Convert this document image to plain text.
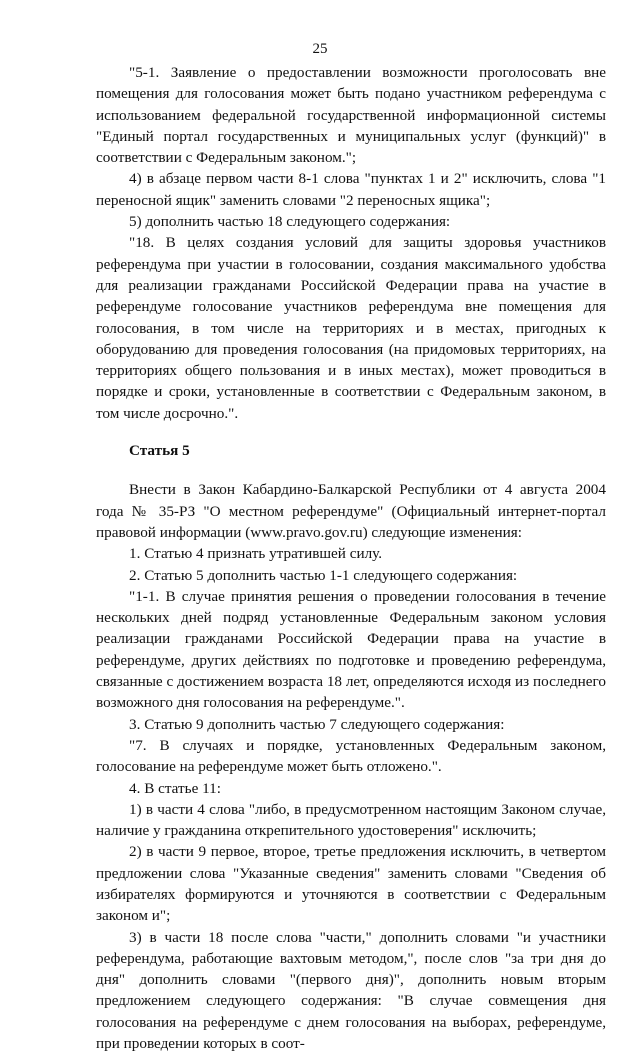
25

"5-1. Заявление о предоставлении возможности проголосовать вне помещения для голосования может быть подано участником референдума с использованием федеральной государственной информационной системы "Единый портал государственных и муниципальных услуг (функций)" в соответствии с Федеральным законом.";

4) в абзаце первом части 8-1 слова "пунктах 1 и 2" исключить, слова "1 переносной ящик" заменить словами "2 переносных ящика";

5) дополнить частью 18 следующего содержания:

"18. В целях создания условий для защиты здоровья участников референдума при участии в голосовании, создания максимального удобства для реализации гражданами Российской Федерации права на участие в референдуме голосование участников референдума вне помещения для голосования, в том числе на территориях и в местах, пригодных к оборудованию для проведения голосования (на придомовых территориях, на территориях общего пользования и в иных местах), может проводиться в порядке и сроки, установленные в соответствии с Федеральным законом, в том числе досрочно.".

Статья 5

Внести в Закон Кабардино-Балкарской Республики от 4 августа 2004 года № 35-РЗ "О местном референдуме" (Официальный интернет-портал правовой информации (www.pravo.gov.ru) следующие изменения:

1. Статью 4 признать утратившей силу.

2. Статью 5 дополнить частью 1-1 следующего содержания:

"1-1. В случае принятия решения о проведении голосования в течение нескольких дней подряд установленные Федеральным законом условия реализации гражданами Российской Федерации права на участие в референдуме, других действиях по подготовке и проведению референдума, связанные с достижением возраста 18 лет, определяются исходя из последнего возможного дня голосования на референдуме.".

3. Статью 9 дополнить частью 7 следующего содержания:

"7. В случаях и порядке, установленных Федеральным законом, голосование на референдуме может быть отложено.".

4. В статье 11:

1) в части 4 слова "либо, в предусмотренном настоящим Законом случае, наличие у гражданина открепительного удостоверения" исключить;

2) в части 9 первое, второе, третье предложения исключить, в четвертом предложении слова "Указанные сведения" заменить словами "Сведения об избирателях формируются и уточняются в соответствии с Федеральным законом и";

3) в части 18 после слова "части," дополнить словами "и участники референдума, работающие вахтовым методом,", после слов "за три дня до дня" дополнить словами "(первого дня)", дополнить новым вторым предложением следующего содержания: "В случае совмещения дня голосования на референдуме с днем голосования на выборах, референдуме, при проведении которых в соот-
